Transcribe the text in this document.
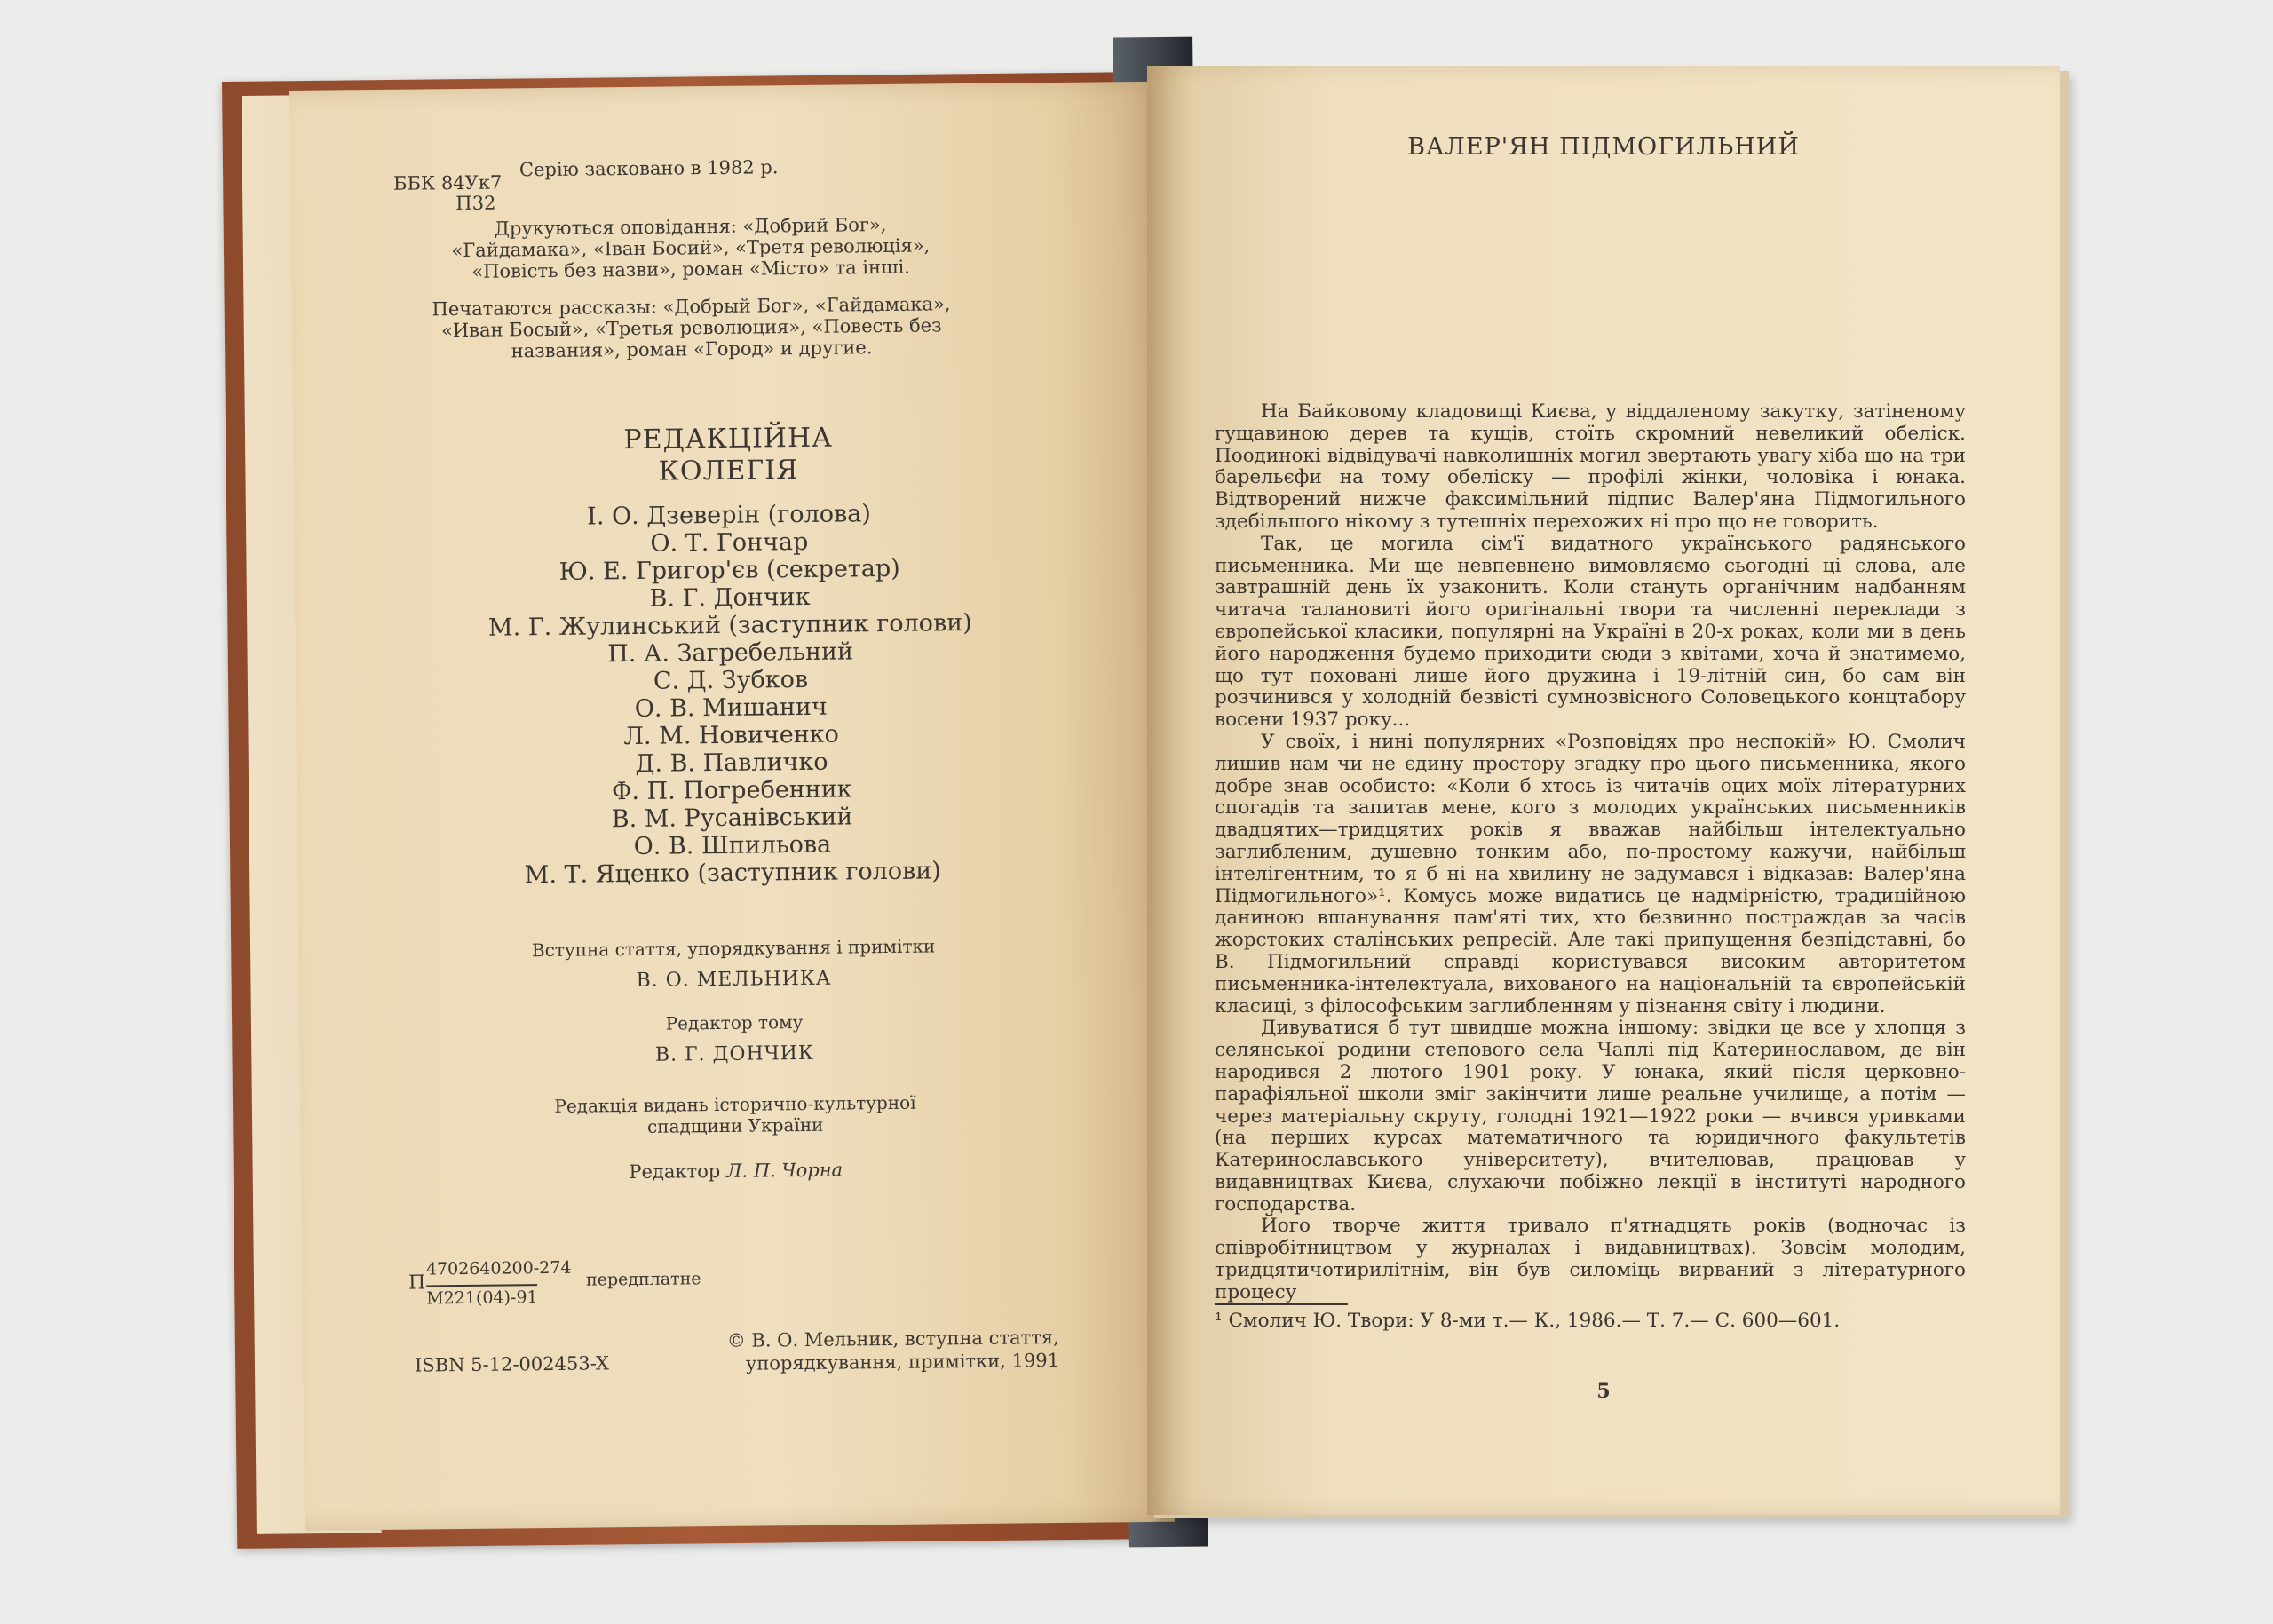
ББК 84Ук7
П32
Серію засковано в 1982 р.
Друкуються оповідання: «Добрий Бог», «Гайдамака», «Іван Босий», «Третя революція», «Повість без назви», роман «Місто» та інші.
Печатаются рассказы: «Добрый Бог», «Гайдамака», «Иван Босый», «Третья революция», «Повесть без названия», роман «Город» и другие.
РЕДАКЦІЙНА
КОЛЕГІЯ
І. О. Дзеверін (голова)
О. Т. Гончар
Ю. Е. Григор'єв (секретар)
В. Г. Дончик
М. Г. Жулинський (заступник голови)
П. А. Загребельний
С. Д. Зубков
О. В. Мишанич
Л. М. Новиченко
Д. В. Павличко
Ф. П. Погребенник
В. М. Русанівський
О. В. Шпильова
М. Т. Яценко (заступник голови)
Вступна стаття, упорядкування і примітки
В. О. МЕЛЬНИКА
Редактор тому
В. Г. ДОНЧИК
Редакція видань історично-культурної спадщини України
Редактор Л. П. Чорна
П
4702640200-274
М221(04)-91
передплатне
ISBN 5-12-002453-X
© В. О. Мельник, вступна стаття, упорядкування, примітки, 1991
ВАЛЕР'ЯН ПІДМОГИЛЬНИЙ

На Байковому кладовищі Києва, у віддаленому закутку, затіненому гущавиною дерев та кущів, стоїть скромний невеликий обеліск. Поодинокі відвідувачі навколишніх могил звертають увагу хіба що на три барельєфи на тому обеліску — профілі жінки, чоловіка і юнака. Відтворений нижче факсимільний підпис Валер'яна Підмогильного здебільшого нікому з тутешніх перехожих ні про що не говорить.

Так, це могила сім'ї видатного українського радянського письменника. Ми ще невпевнено вимовляємо сьогодні ці слова, але завтрашній день їх узаконить. Коли стануть органічним надбанням читача талановиті його оригінальні твори та численні переклади з європейської класики, популярні на Україні в 20-х роках, коли ми в день його народження будемо приходити сюди з квітами, хоча й знатимемо, що тут поховані лише його дружина і 19-літній син, бо сам він розчинився у холодній безвісті сумнозвісного Соловецького концтабору восени 1937 року...

У своїх, і нині популярних «Розповідях про неспокій» Ю. Смолич лишив нам чи не єдину простору згадку про цього письменника, якого добре знав особисто: «Коли б хтось із читачів оцих моїх літературних спогадів та запитав мене, кого з молодих українських письменників двадцятих—тридцятих років я вважав найбільш інтелектуально заглибленим, душевно тонким або, по-простому кажучи, найбільш інтелігентним, то я б ні на хвилину не задумався і відказав: Валер'яна Підмогильного»¹. Комусь може видатись це надмірністю, традиційною даниною вшанування пам'яті тих, хто безвинно постраждав за часів жорстоких сталінських репресій. Але такі припущення безпідставні, бо В. Підмогильний справді користувався високим авторитетом письменника-інтелектуала, вихованого на національній та європейській класиці, з філософським заглибленням у пізнання світу і людини.

Дивуватися б тут швидше можна іншому: звідки це все у хлопця з селянської родини степового села Чаплі під Катеринославом, де він народився 2 лютого 1901 року. У юнака, який після церковно-парафіяльної школи зміг закінчити лише реальне училище, а потім — через матеріальну скруту, голодні 1921—1922 роки — вчився уривками (на перших курсах математичного та юридичного факультетів Катеринославського університету), вчителював, працював у видавництвах Києва, слухаючи побіжно лекції в інституті народного господарства.

Його творче життя тривало п'ятнадцять років (водночас із співробітництвом у журналах і видавництвах). Зовсім молодим, тридцятичотирилітнім, він був силоміць вирваний з літературного процесу

¹ Смолич Ю. Твори: У 8-ми т.— К., 1986.— Т. 7.— С. 600—601.
5
